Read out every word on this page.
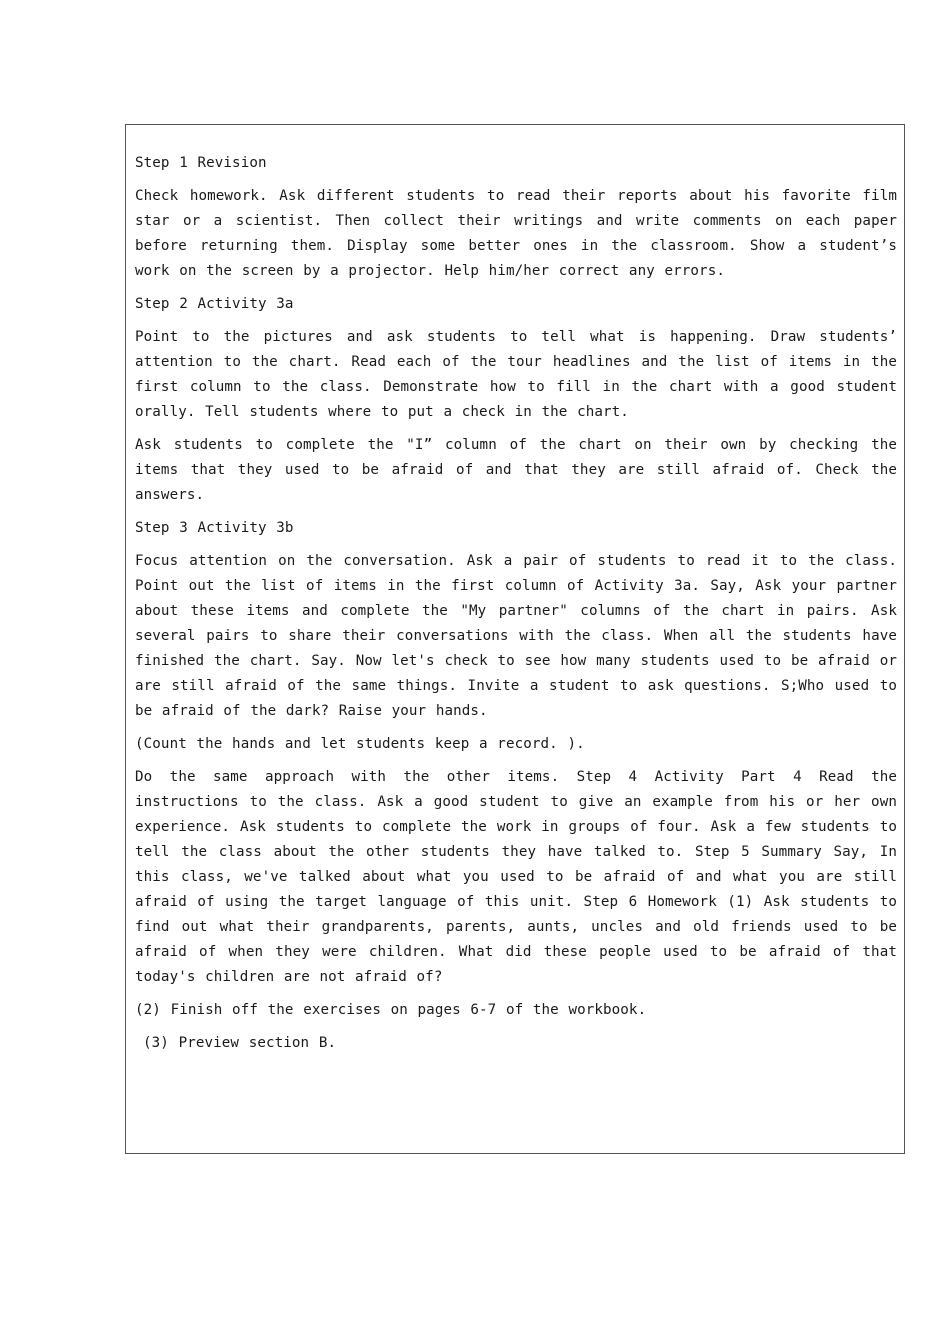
Step 1 Revision

Check homework. Ask different students to read their reports about his favorite film star or a scientist. Then collect their writings and write comments on each paper before returning them. Display some better ones in the classroom. Show a student’s work on the screen by a projector. Help him/her correct any errors.

Step 2 Activity 3a

Point to the pictures and ask students to tell what is happening. Draw students’ attention to the chart. Read each of the tour headlines and the list of items in the first column to the class. Demonstrate how to fill in the chart with a good student orally. Tell students where to put a check in the chart.

Ask students to complete the "I” column of the chart on their own by checking the items that they used to be afraid of and that they are still afraid of. Check the answers.

Step 3 Activity 3b

Focus attention on the conversation. Ask a pair of students to read it to the class. Point out the list of items in the first column of Activity 3a. Say, Ask your partner about these items and complete the "My partner" columns of the chart in pairs. Ask several pairs to share their conversations with the class. When all the students have finished the chart. Say. Now let's check to see how many students used to be afraid or are still afraid of the same things. Invite a student to ask questions. S;Who used to be afraid of the dark? Raise your hands.

(Count the hands and let students keep a record. ).

Do the same approach with the other items. Step 4 Activity Part 4 Read the instructions to the class. Ask a good student to give an example from his or her own experience. Ask students to complete the work in groups of four. Ask a few students to tell the class about the other students they have talked to. Step 5 Summary Say, In this class, we've talked about what you used to be afraid of and what you are still afraid of using the target language of this unit. Step 6 Homework (1) Ask students to find out what their grandparents, parents, aunts, uncles and old friends used to be afraid of when they were children. What did these people used to be afraid of that today's children are not afraid of?

(2) Finish off the exercises on pages 6-7 of the workbook.

(3) Preview section B.
